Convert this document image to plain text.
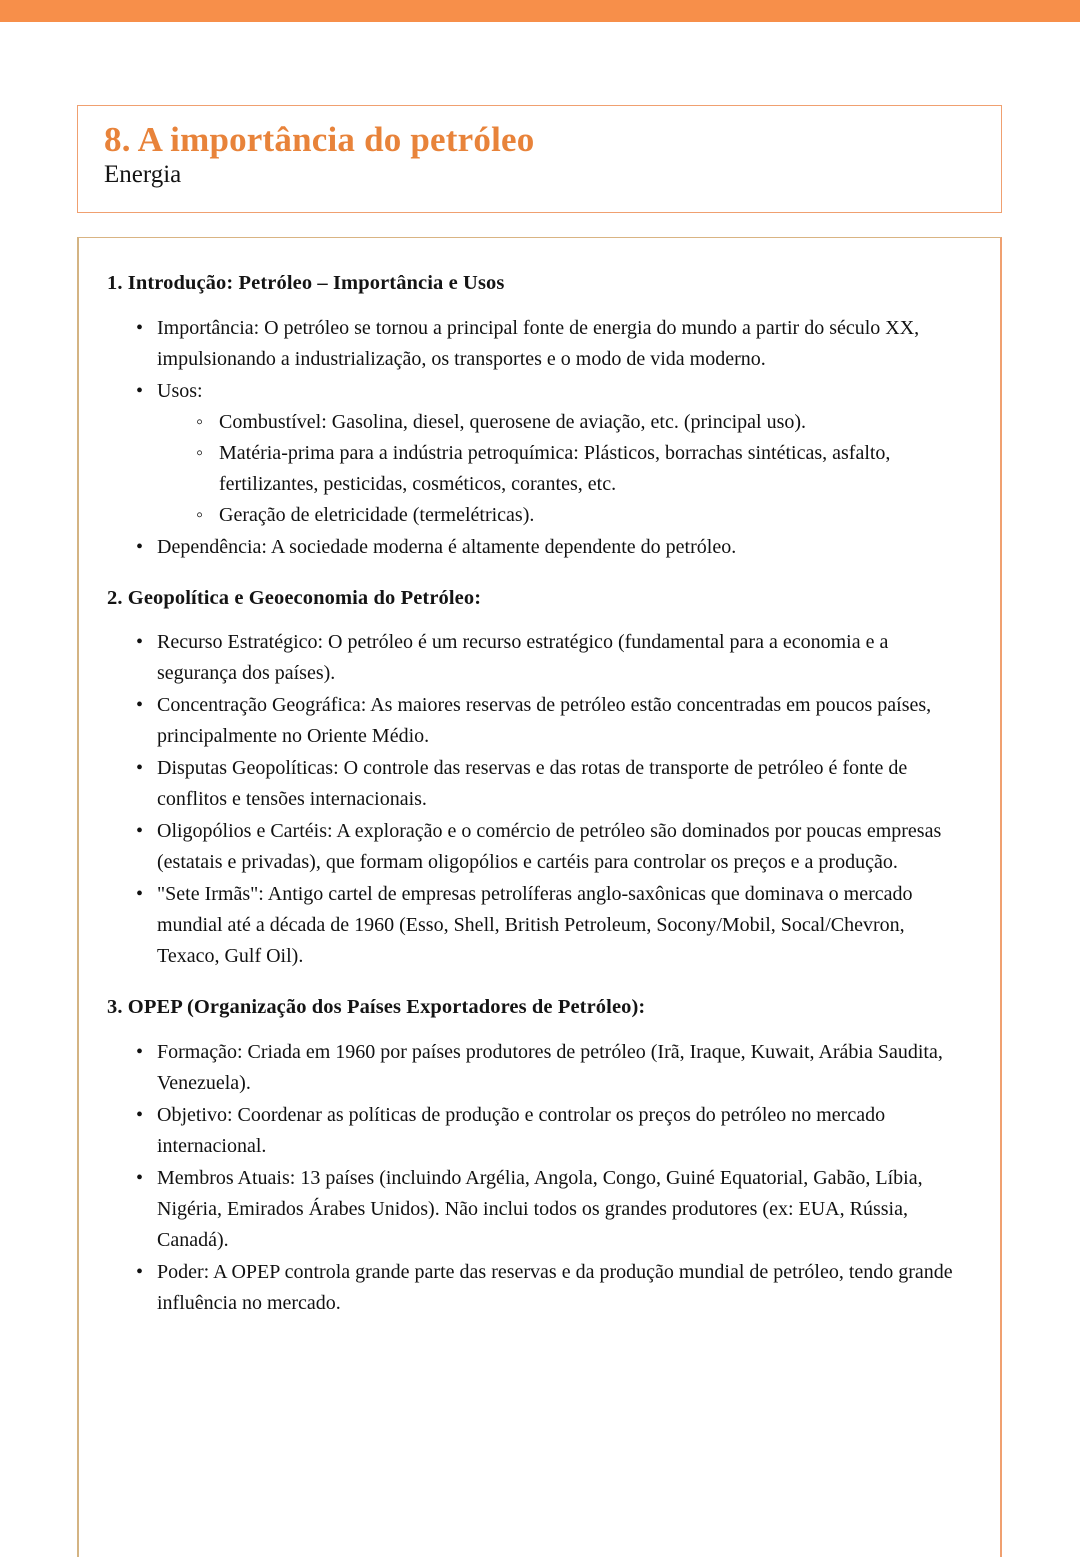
8. A importância do petróleo
Energia
1. Introdução: Petróleo – Importância e Usos
• Importância: O petróleo se tornou a principal fonte de energia do mundo a partir do século XX, impulsionando a industrialização, os transportes e o modo de vida moderno.
• Usos:
◦ Combustível: Gasolina, diesel, querosene de aviação, etc. (principal uso).
◦ Matéria-prima para a indústria petroquímica: Plásticos, borrachas sintéticas, asfalto, fertilizantes, pesticidas, cosméticos, corantes, etc.
◦ Geração de eletricidade (termelétricas).
• Dependência: A sociedade moderna é altamente dependente do petróleo.
2. Geopolítica e Geoeconomia do Petróleo:
• Recurso Estratégico: O petróleo é um recurso estratégico (fundamental para a economia e a segurança dos países).
• Concentração Geográfica: As maiores reservas de petróleo estão concentradas em poucos países, principalmente no Oriente Médio.
• Disputas Geopolíticas: O controle das reservas e das rotas de transporte de petróleo é fonte de conflitos e tensões internacionais.
• Oligopólios e Cartéis: A exploração e o comércio de petróleo são dominados por poucas empresas (estatais e privadas), que formam oligopólios e cartéis para controlar os preços e a produção.
• "Sete Irmãs": Antigo cartel de empresas petrolíferas anglo-saxônicas que dominava o mercado mundial até a década de 1960 (Esso, Shell, British Petroleum, Socony/Mobil, Socal/Chevron, Texaco, Gulf Oil).
3. OPEP (Organização dos Países Exportadores de Petróleo):
• Formação: Criada em 1960 por países produtores de petróleo (Irã, Iraque, Kuwait, Arábia Saudita, Venezuela).
• Objetivo: Coordenar as políticas de produção e controlar os preços do petróleo no mercado internacional.
• Membros Atuais: 13 países (incluindo Argélia, Angola, Congo, Guiné Equatorial, Gabão, Líbia, Nigéria, Emirados Árabes Unidos). Não inclui todos os grandes produtores (ex: EUA, Rússia, Canadá).
• Poder: A OPEP controla grande parte das reservas e da produção mundial de petróleo, tendo grande influência no mercado.
